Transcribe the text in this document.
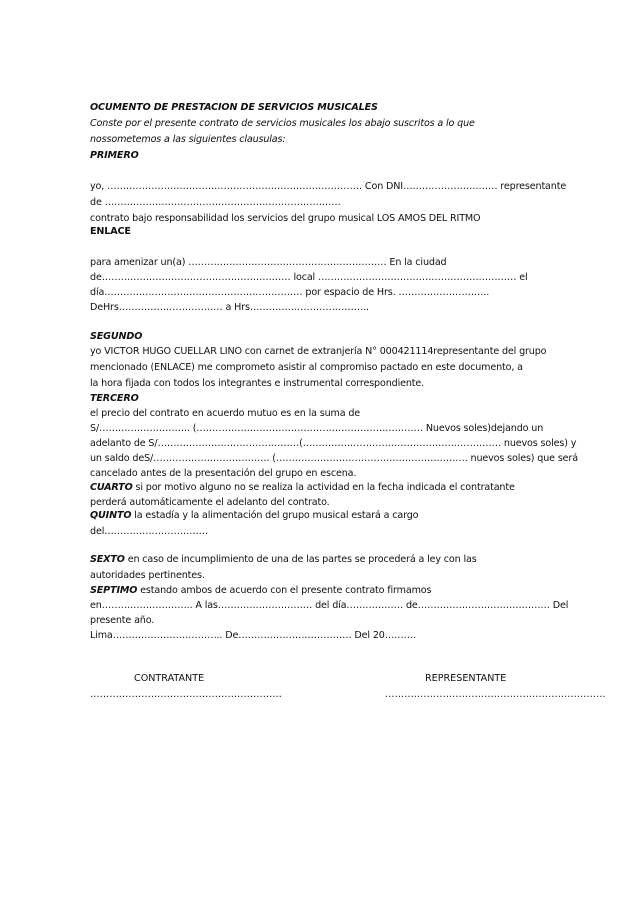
OCUMENTO DE PRESTACION DE SERVICIOS MUSICALES
Conste por el presente contrato de servicios musicales los abajo suscritos a lo que
nossometemos a las siguientes clausulas:
PRIMERO
yo, ……………………………………………………………………… Con DNI………………………… representante
de …………………………………………………………………
contrato bajo responsabilidad los servicios del grupo musical LOS AMOS DEL RITMO
ENLACE
para amenizar un(a) ……………………………………………………… En la ciudad
de…………………………………………………… local ……………………………………………………… el
día……………………………………………………… por espacio de Hrs. ………………………..
DeHrs…………………………… a Hrs………………………………..
SEGUNDO
yo VICTOR HUGO CUELLAR LINO con carnet de extranjería N° 000421114representante del grupo
mencionado (ENLACE) me comprometo asistir al compromiso pactado en este documento, a
la hora fijada con todos los integrantes e instrumental correspondiente.
TERCERO
el precio del contrato en acuerdo mutuo es en la suma de
S/……………………….. (……………………………………………………………… Nuevos soles)dejando un
adelanto de S/………………………………………(……………………………………………………… nuevos soles) y
un saldo deS/………………………………. (……………………………………………………. nuevos soles) que será
cancelado antes de la presentación del grupo en escena.
CUARTO si por motivo alguno no se realiza la actividad en la fecha indicada el contratante
perderá automáticamente el adelanto del contrato.
QUINTO la estadía y la alimentación del grupo musical estará a cargo
del……………………………
SEXTO en caso de incumplimiento de una de las partes se procederá a ley con las
autoridades pertinentes.
SEPTIMO estando ambos de acuerdo con el presente contrato firmamos
en……………………….. A las………………………… del día……………… de…………………………………… Del
presente año.
Lima…………………………….. De……………………………… Del 20……….
CONTRATANTE	REPRESENTANTE
……………………………………………………	……………………………………………………………
